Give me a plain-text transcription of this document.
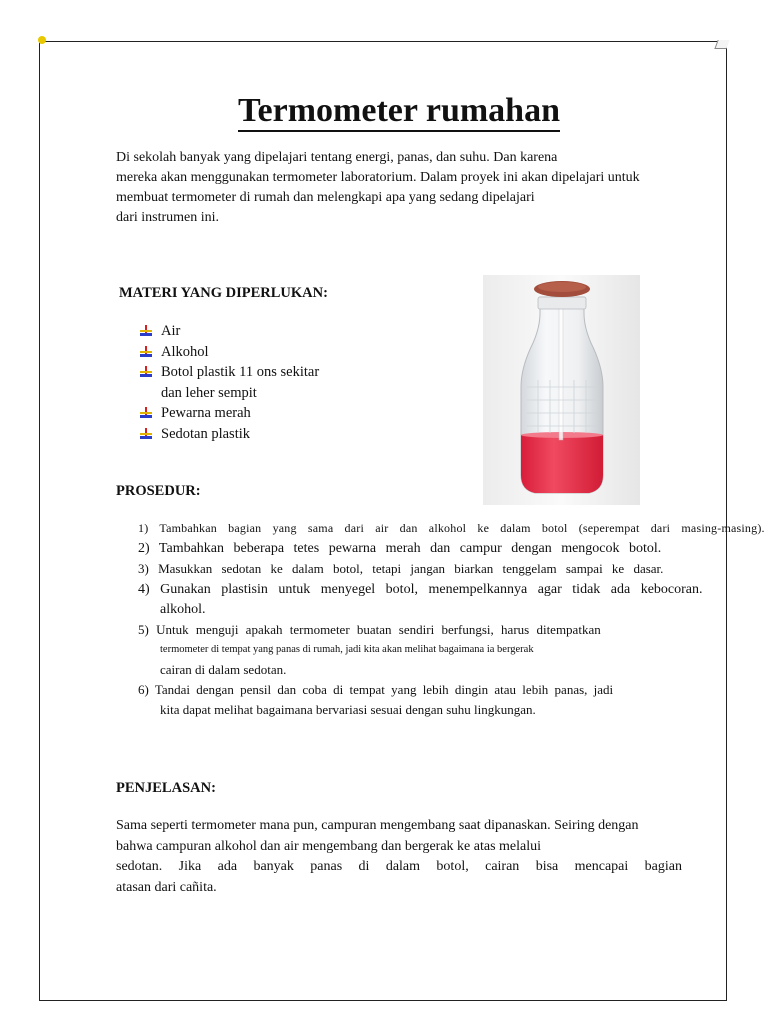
Termometer rumahan
Di sekolah banyak yang dipelajari tentang energi, panas, dan suhu. Dan karena
mereka akan menggunakan termometer laboratorium. Dalam proyek ini akan dipelajari untuk
membuat termometer di rumah dan melengkapi apa yang sedang dipelajari
dari instrumen ini.
MATERI YANG DIPERLUKAN:
Air
Alkohol
Botol plastik 11 ons sekitar
dan leher sempit
Pewarna merah
Sedotan plastik
PROSEDUR:
1) Tambahkan bagian yang sama dari air dan alkohol ke dalam botol (seperempat dari masing-masing).
2) Tambahkan beberapa tetes pewarna merah dan campur dengan mengocok botol.
3) Masukkan sedotan ke dalam botol, tetapi jangan biarkan tenggelam sampai ke dasar.
4) Gunakan plastisin untuk menyegel botol, menempelkannya agar tidak ada kebocoran.
alkohol.
5) Untuk menguji apakah termometer buatan sendiri berfungsi, harus ditempatkan
termometer di tempat yang panas di rumah, jadi kita akan melihat bagaimana ia bergerak
cairan di dalam sedotan.
6) Tandai dengan pensil dan coba di tempat yang lebih dingin atau lebih panas, jadi
kita dapat melihat bagaimana bervariasi sesuai dengan suhu lingkungan.
PENJELASAN:
Sama seperti termometer mana pun, campuran mengembang saat dipanaskan. Seiring dengan
bahwa campuran alkohol dan air mengembang dan bergerak ke atas melalui
sedotan. Jika ada banyak panas di dalam botol, cairan bisa mencapai bagian
atasan dari cañita.
